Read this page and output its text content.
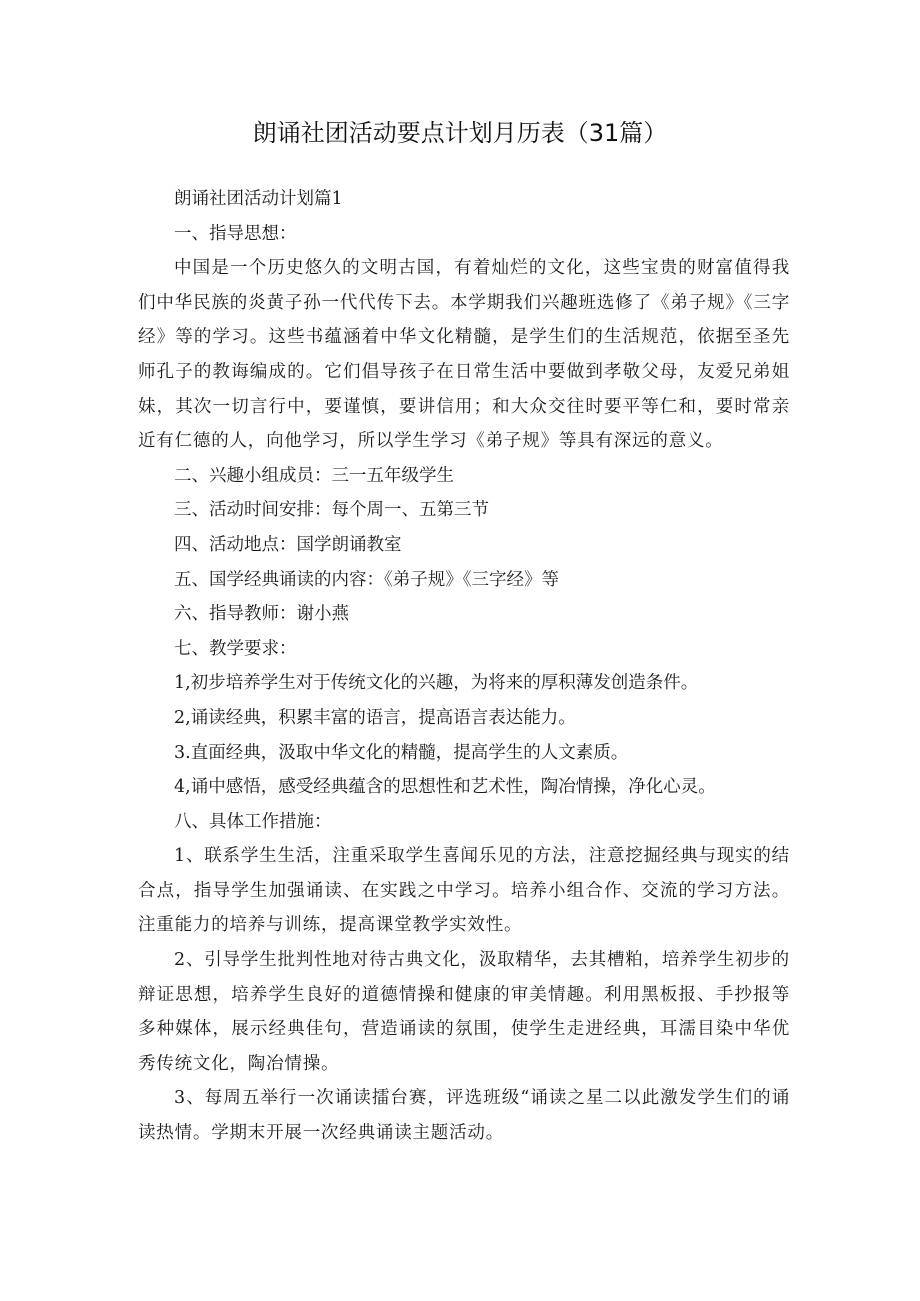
朗诵社团活动要点计划月历表（31篇）
朗诵社团活动计划篇1
一、指导思想：
中国是一个历史悠久的文明古国，有着灿烂的文化，这些宝贵的财富值得我们中华民族的炎黄子孙一代代传下去。本学期我们兴趣班选修了《弟子规》《三字经》等的学习。这些书蕴涵着中华文化精髓，是学生们的生活规范，依据至圣先师孔子的教诲编成的。它们倡导孩子在日常生活中要做到孝敬父母，友爱兄弟姐妹，其次一切言行中，要谨慎，要讲信用；和大众交往时要平等仁和，要时常亲近有仁德的人，向他学习，所以学生学习《弟子规》等具有深远的意义。
二、兴趣小组成员：三一五年级学生
三、活动时间安排：每个周一、五第三节
四、活动地点：国学朗诵教室
五、国学经典诵读的内容：《弟子规》《三字经》等
六、指导教师：谢小燕
七、教学要求：
1,初步培养学生对于传统文化的兴趣，为将来的厚积薄发创造条件。
2,诵读经典，积累丰富的语言，提高语言表达能力。
3.直面经典，汲取中华文化的精髓，提高学生的人文素质。
4,诵中感悟，感受经典蕴含的思想性和艺术性，陶冶情操，净化心灵。
八、具体工作措施：
1、联系学生生活，注重采取学生喜闻乐见的方法，注意挖掘经典与现实的结合点，指导学生加强诵读、在实践之中学习。培养小组合作、交流的学习方法。注重能力的培养与训练，提高课堂教学实效性。
2、引导学生批判性地对待古典文化，汲取精华，去其槽粕，培养学生初步的辩证思想，培养学生良好的道德情操和健康的审美情趣。利用黑板报、手抄报等多种媒体，展示经典佳句，营造诵读的氛围，使学生走进经典，耳濡目染中华优秀传统文化，陶冶情操。
3、每周五举行一次诵读擂台赛，评选班级“诵读之星二以此激发学生们的诵读热情。学期末开展一次经典诵读主题活动。
